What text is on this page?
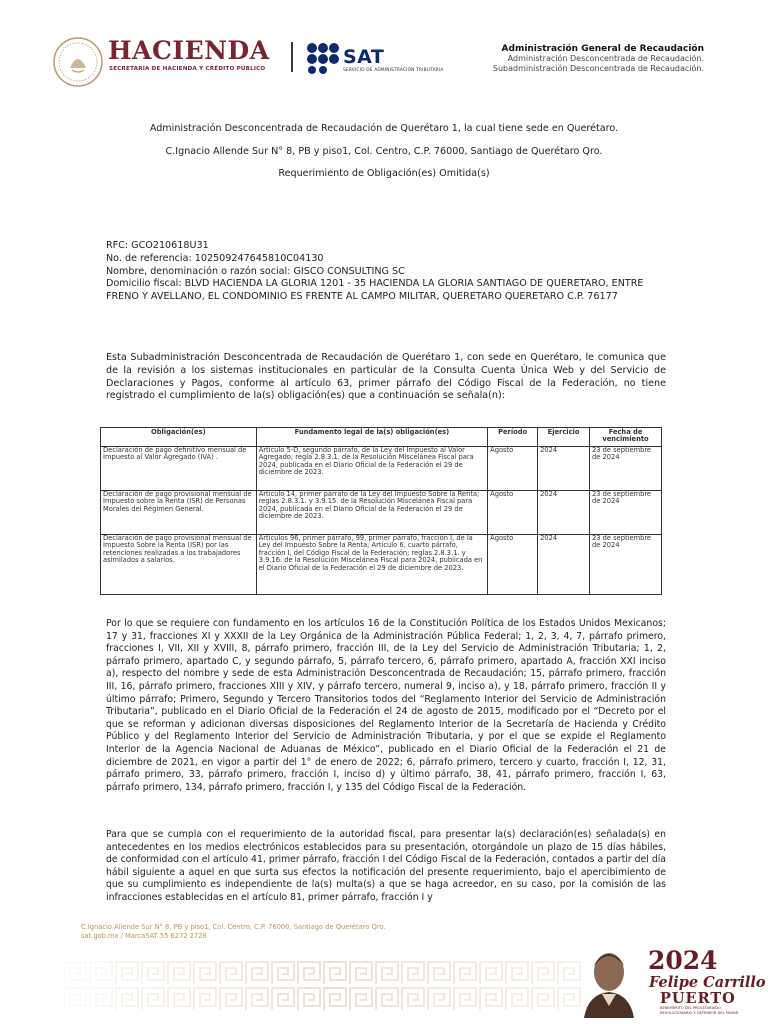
HACIENDA
SECRETARÍA DE HACIENDA Y CRÉDITO PÚBLICO
SAT
SERVICIO DE ADMINISTRACIÓN TRIBUTARIA
Administración General de Recaudación
Administración Desconcentrada de Recaudación.
Subadministración Desconcentrada de Recaudación.
Administración Desconcentrada de Recaudación de Querétaro 1, la cual tiene sede en Querétaro.
C.Ignacio Allende Sur N° 8, PB y piso1, Col. Centro, C.P. 76000, Santiago de Querétaro Qro.
Requerimiento de Obligación(es) Omitida(s)
RFC: GCO210618U31
No. de referencia: 102509247645810C04130
Nombre, denominación o razón social: GISCO CONSULTING SC
Domicilio fiscal: BLVD HACIENDA LA GLORIA 1201 - 35 HACIENDA LA GLORIA SANTIAGO DE QUERETARO, ENTRE FRENO Y AVELLANO, EL CONDOMINIO ES FRENTE AL CAMPO MILITAR, QUERETARO QUERETARO C.P. 76177

Esta Subadministración Desconcentrada de Recaudación de Querétaro 1, con sede en Querétaro, le comunica que de la revisión a los sistemas institucionales en particular de la Consulta Cuenta Única Web y del Servicio de Declaraciones y Pagos, conforme al artículo 63, primer párrafo del Código Fiscal de la Federación, no tiene registrado el cumplimiento de la(s) obligación(es) que a continuación se señala(n):

Obligación(es)	Fundamento legal de la(s) obligación(es)	Período	Ejercicio	Fecha de vencimiento
Declaración de pago definitivo mensual de Impuesto al Valor Agregado (IVA) .	Artículo 5-D, segundo párrafo, de la Ley del Impuesto al Valor Agregado; regla 2.8.3.1. de la Resolución Miscelánea Fiscal para 2024, publicada en el Diario Oficial de la Federación el 29 de diciembre de 2023.	Agosto	2024	23 de septiembre de 2024
Declaración de pago provisional mensual de Impuesto sobre la Renta (ISR) de Personas Morales del Régimen General.	Artículo 14, primer párrafo de la Ley del Impuesto Sobre la Renta; reglas 2.8.3.1. y 3.9.15. de la Resolución Miscelánea Fiscal para 2024, publicada en el Diario Oficial de la Federación el 29 de diciembre de 2023.	Agosto	2024	23 de septiembre de 2024
Declaración de pago provisional mensual de Impuesto Sobre la Renta (ISR) por las retenciones realizadas a los trabajadores asimilados a salarios.	Artículos 96, primer párrafo, 99, primer párrafo, fracción I, de la Ley del Impuesto Sobre la Renta; Artículo 6, cuarto párrafo, fracción I, del Código Fiscal de la Federación; reglas 2.8.3.1. y 3.9.16. de la Resolución Miscelánea Fiscal para 2024, publicada en el Diario Oficial de la Federación el 29 de diciembre de 2023.	Agosto	2024	23 de septiembre de 2024

Por lo que se requiere con fundamento en los artículos 16 de la Constitución Política de los Estados Unidos Mexicanos; 17 y 31, fracciones XI y XXXII de la Ley Orgánica de la Administración Pública Federal; 1, 2, 3, 4, 7, párrafo primero, fracciones I, VII, XII y XVIII, 8, párrafo primero, fracción III, de la Ley del Servicio de Administración Tributaria; 1, 2, párrafo primero, apartado C, y segundo párrafo, 5, párrafo tercero, 6, párrafo primero, apartado A, fracción XXI inciso a), respecto del nombre y sede de esta Administración Desconcentrada de Recaudación; 15, párrafo primero, fracción III, 16, párrafo primero, fracciones XIII y XIV, y párrafo tercero, numeral 9, inciso a), y 18, párrafo primero, fracción II y último párrafo; Primero, Segundo y Tercero Transitorios todos del “Reglamento Interior del Servicio de Administración Tributaria”, publicado en el Diario Oficial de la Federación el 24 de agosto de 2015, modificado por el “Decreto por el que se reforman y adicionan diversas disposiciones del Reglamento Interior de la Secretaría de Hacienda y Crédito Público y del Reglamento Interior del Servicio de Administración Tributaria, y por el que se expide el Reglamento Interior de la Agencia Nacional de Aduanas de México”, publicado en el Diario Oficial de la Federación el 21 de diciembre de 2021, en vigor a partir del 1° de enero de 2022; 6, párrafo primero, tercero y cuarto, fracción I, 12, 31, párrafo primero, 33, párrafo primero, fracción I, inciso d) y último párrafo, 38, 41, párrafo primero, fracción I, 63, párrafo primero, 134, párrafo primero, fracción I, y 135 del Código Fiscal de la Federación.

Para que se cumpla con el requerimiento de la autoridad fiscal, para presentar la(s) declaración(es) señalada(s) en antecedentes en los medios electrónicos establecidos para su presentación, otorgándole un plazo de 15 días hábiles, de conformidad con el artículo 41, primer párrafo, fracción I del Código Fiscal de la Federación, contados a partir del día hábil siguiente a aquel en que surta sus efectos la notificación del presente requerimiento, bajo el apercibimiento de que su cumplimiento es independiente de la(s) multa(s) a que se haga acreedor, en su caso, por la comisión de las infracciones establecidas en el artículo 81, primer párrafo, fracción I y

C.Ignacio Allende Sur N° 8, PB y piso1, Col. Centro, C.P. 76000, Santiago de Querétaro Qro.
sat.gob.mx / MarcaSAT 55 6272 2728
2024
Felipe Carrillo
PUERTO
BENEMÉRITO DEL PROLETARIADO, REVOLUCIONARIO Y DEFENSOR DEL MAYAB
